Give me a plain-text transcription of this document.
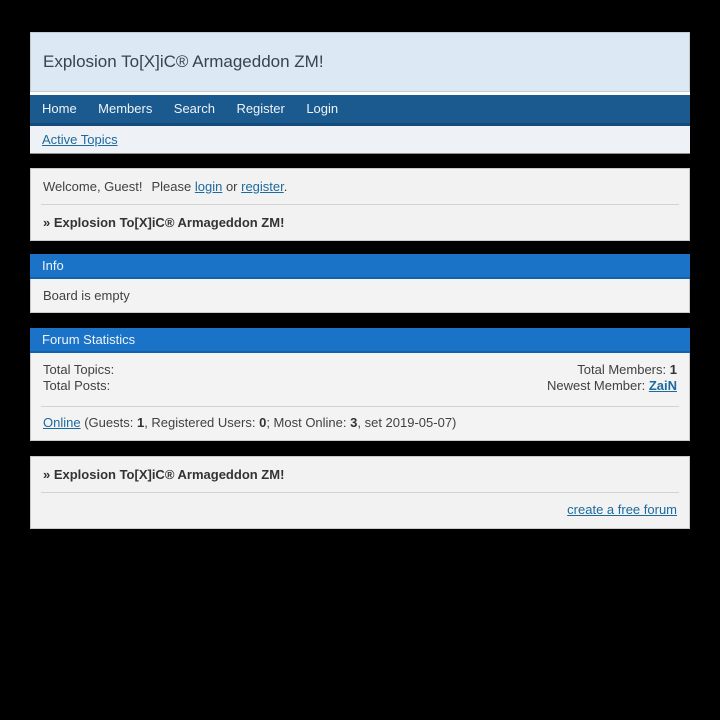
Explosion To[X]iC® Armageddon ZM!
Home Members Search Register Login
Active Topics
Welcome, Guest! Please login or register.
» Explosion To[X]iC® Armageddon ZM!
Info
Board is empty
Forum Statistics
Total Topics:
Total Posts:
Total Members: 1
Newest Member: ZaiN
Online (Guests: 1, Registered Users: 0; Most Online: 3, set 2019-05-07)
» Explosion To[X]iC® Armageddon ZM!
create a free forum
